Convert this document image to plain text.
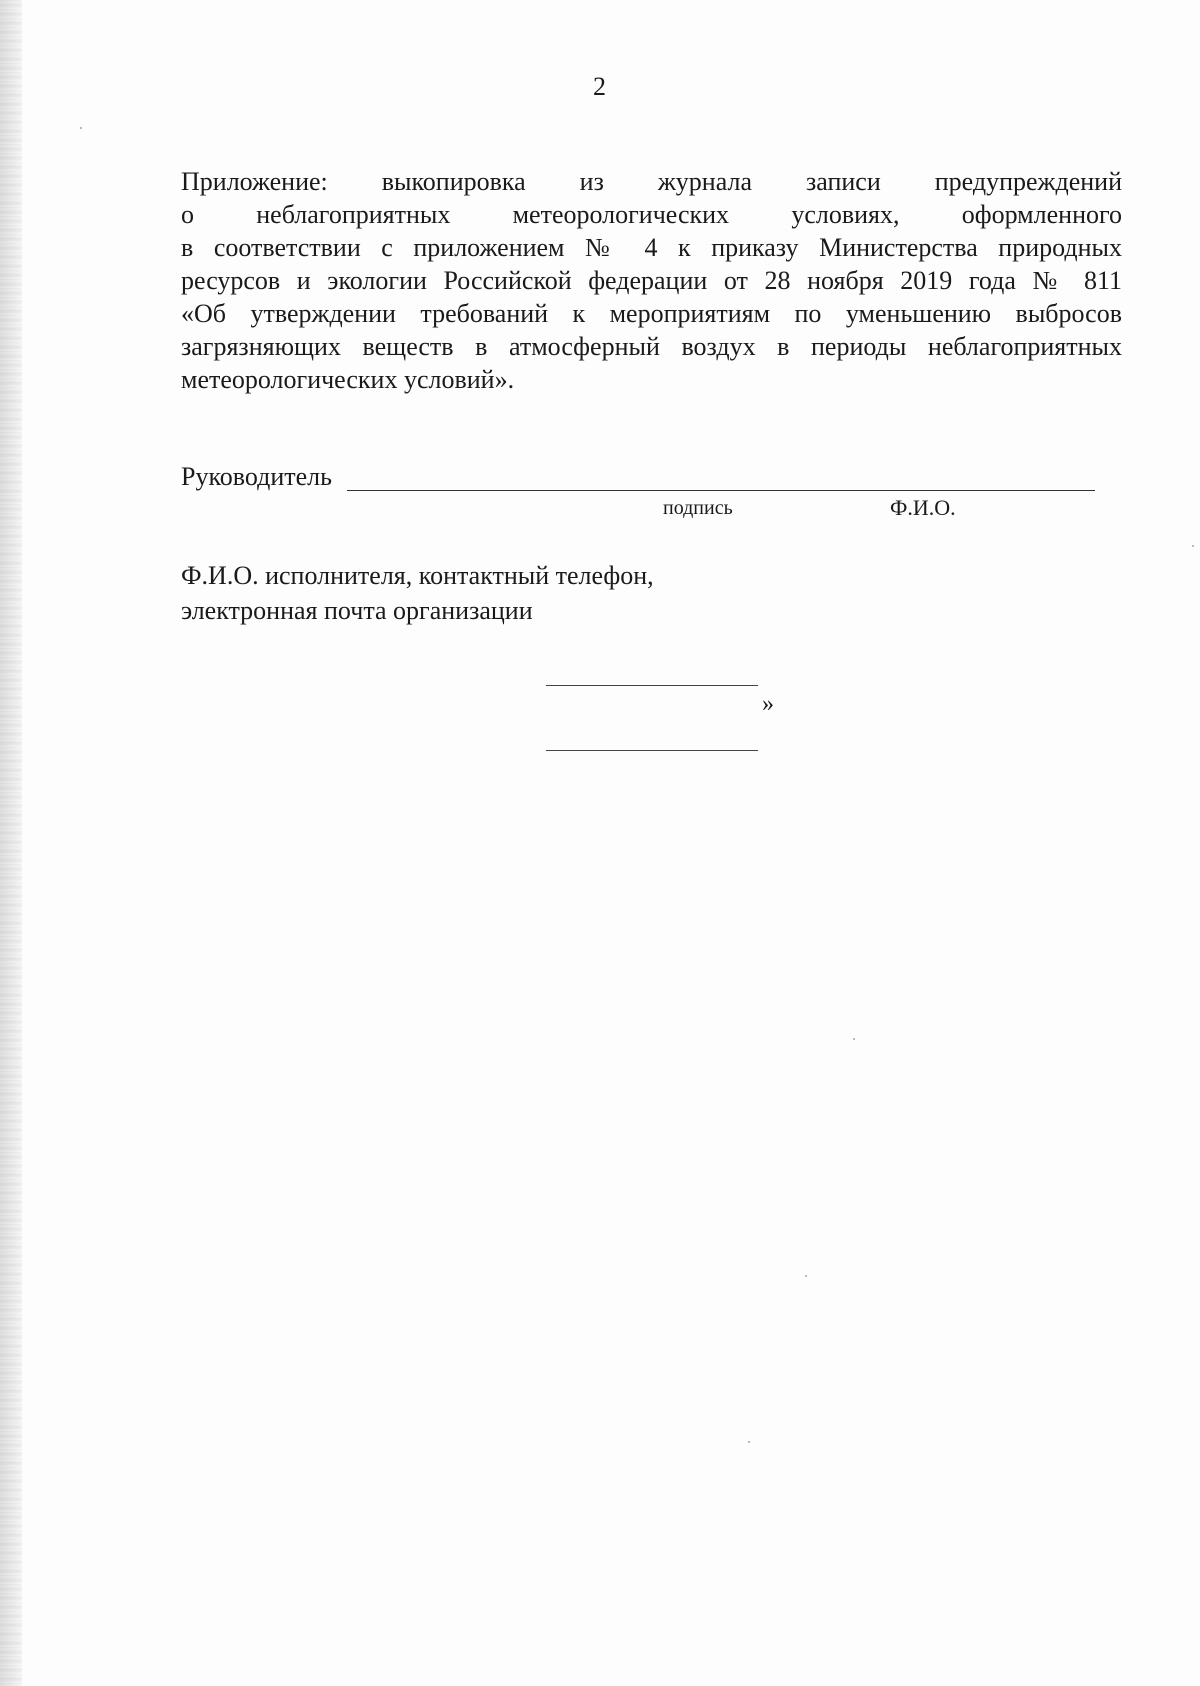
2
Приложение: выкопировка из журнала записи предупреждений
о неблагоприятных метеорологических условиях, оформленного
в соответствии с приложением № 4 к приказу Министерства природных
ресурсов и экологии Российской федерации от 28 ноября 2019 года № 811
«Об утверждении требований к мероприятиям по уменьшению выбросов
загрязняющих веществ в атмосферный воздух в периоды неблагоприятных
метеорологических условий».
Руководитель
подпись	Ф.И.О.
Ф.И.О. исполнителя, контактный телефон,
электронная почта организации
»
